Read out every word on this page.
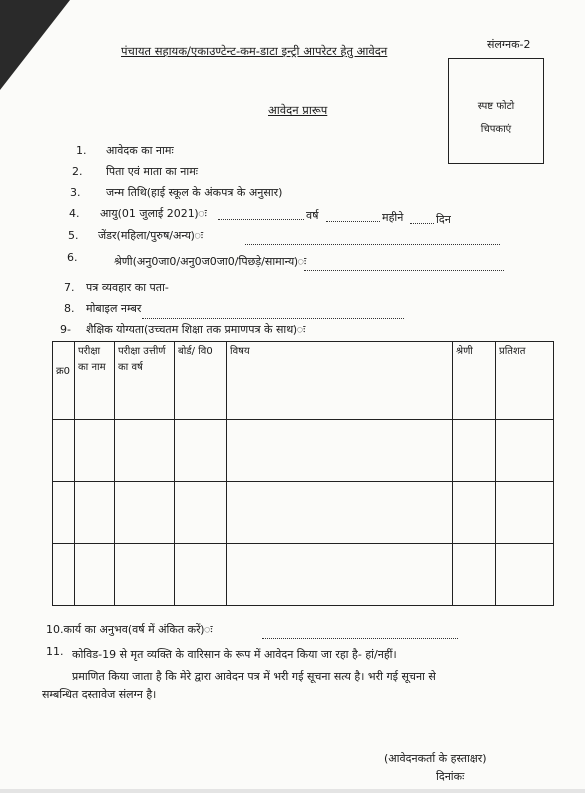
संलग्नक-2
पंचायत सहायक/एकाउण्टेन्ट-कम-डाटा इन्ट्री आपरेटर हेतु आवेदन
आवेदन प्रारूप	स्पष्ट फोटो
चिपकाएं
1. आवेदक का नामः
2. पिता एवं माता का नामः
3. जन्म तिथि(हाई स्कूल के अंकपत्र के अनुसार)
4. आयु(01 जुलाई 2021)ः	वर्ष	महीने	दिन
5. जेंडर(महिला/पुरुष/अन्य)ः
6.	श्रेणी(अनु0जा0/अनु0ज0जा0/पिछड़े/सामान्य)ः
7. पत्र व्यवहार का पता-
8. मोबाइल नम्बर
9- शैक्षिक योग्यता(उच्चतम शिक्षा तक प्रमाणपत्र के साथ)ः
क्र0	परीक्षा का नाम	परीक्षा उत्तीर्ण का वर्ष	बोर्ड/ वि0	विषय	श्रेणी	प्रतिशत

10.कार्य का अनुभव(वर्ष में अंकित करें)ः
11. कोविड-19 से मृत व्यक्ति के वारिसान के रूप में आवेदन किया जा रहा है- हां/नहीं।
प्रमाणित किया जाता है कि मेरे द्वारा आवेदन पत्र में भरी गई सूचना सत्य है। भरी गई सूचना से
सम्बन्धित दस्तावेज संलग्न है।
(आवेदनकर्ता के हस्ताक्षर)
दिनांकः
